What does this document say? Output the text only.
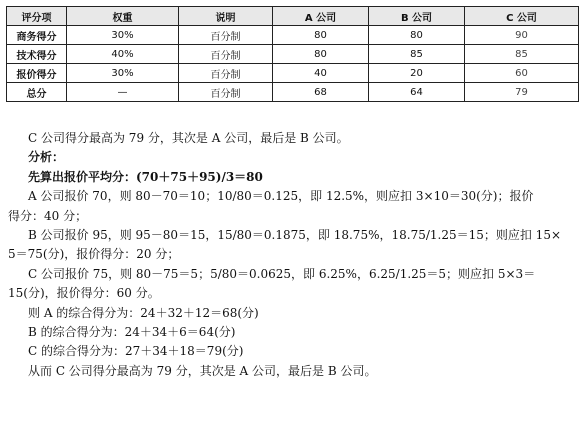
评分项	权重	说明	A 公司	B 公司	C 公司
商务得分	30%	百分制	80	80	90
技术得分	40%	百分制	80	85	85
报价得分	30%	百分制	40	20	60
总分	—	百分制	68	64	79
C 公司得分最高为 79 分，其次是 A 公司，最后是 B 公司。
分析：
先算出报价平均分：(70＋75＋95)/3＝80
A 公司报价 70，则 80－70＝10；10/80＝0.125，即 12.5%，则应扣 3×10＝30(分)；报价
得分：40 分；
B 公司报价 95，则 95－80＝15，15/80＝0.1875，即 18.75%，18.75/1.25＝15；则应扣 15×
5＝75(分)，报价得分：20 分；
C 公司报价 75，则 80－75＝5；5/80＝0.0625，即 6.25%，6.25/1.25＝5；则应扣 5×3＝
15(分)，报价得分：60 分。
则 A 的综合得分为：24＋32＋12＝68(分)
B 的综合得分为：24＋34＋6＝64(分)
C 的综合得分为：27＋34＋18＝79(分)
从而 C 公司得分最高为 79 分，其次是 A 公司，最后是 B 公司。
